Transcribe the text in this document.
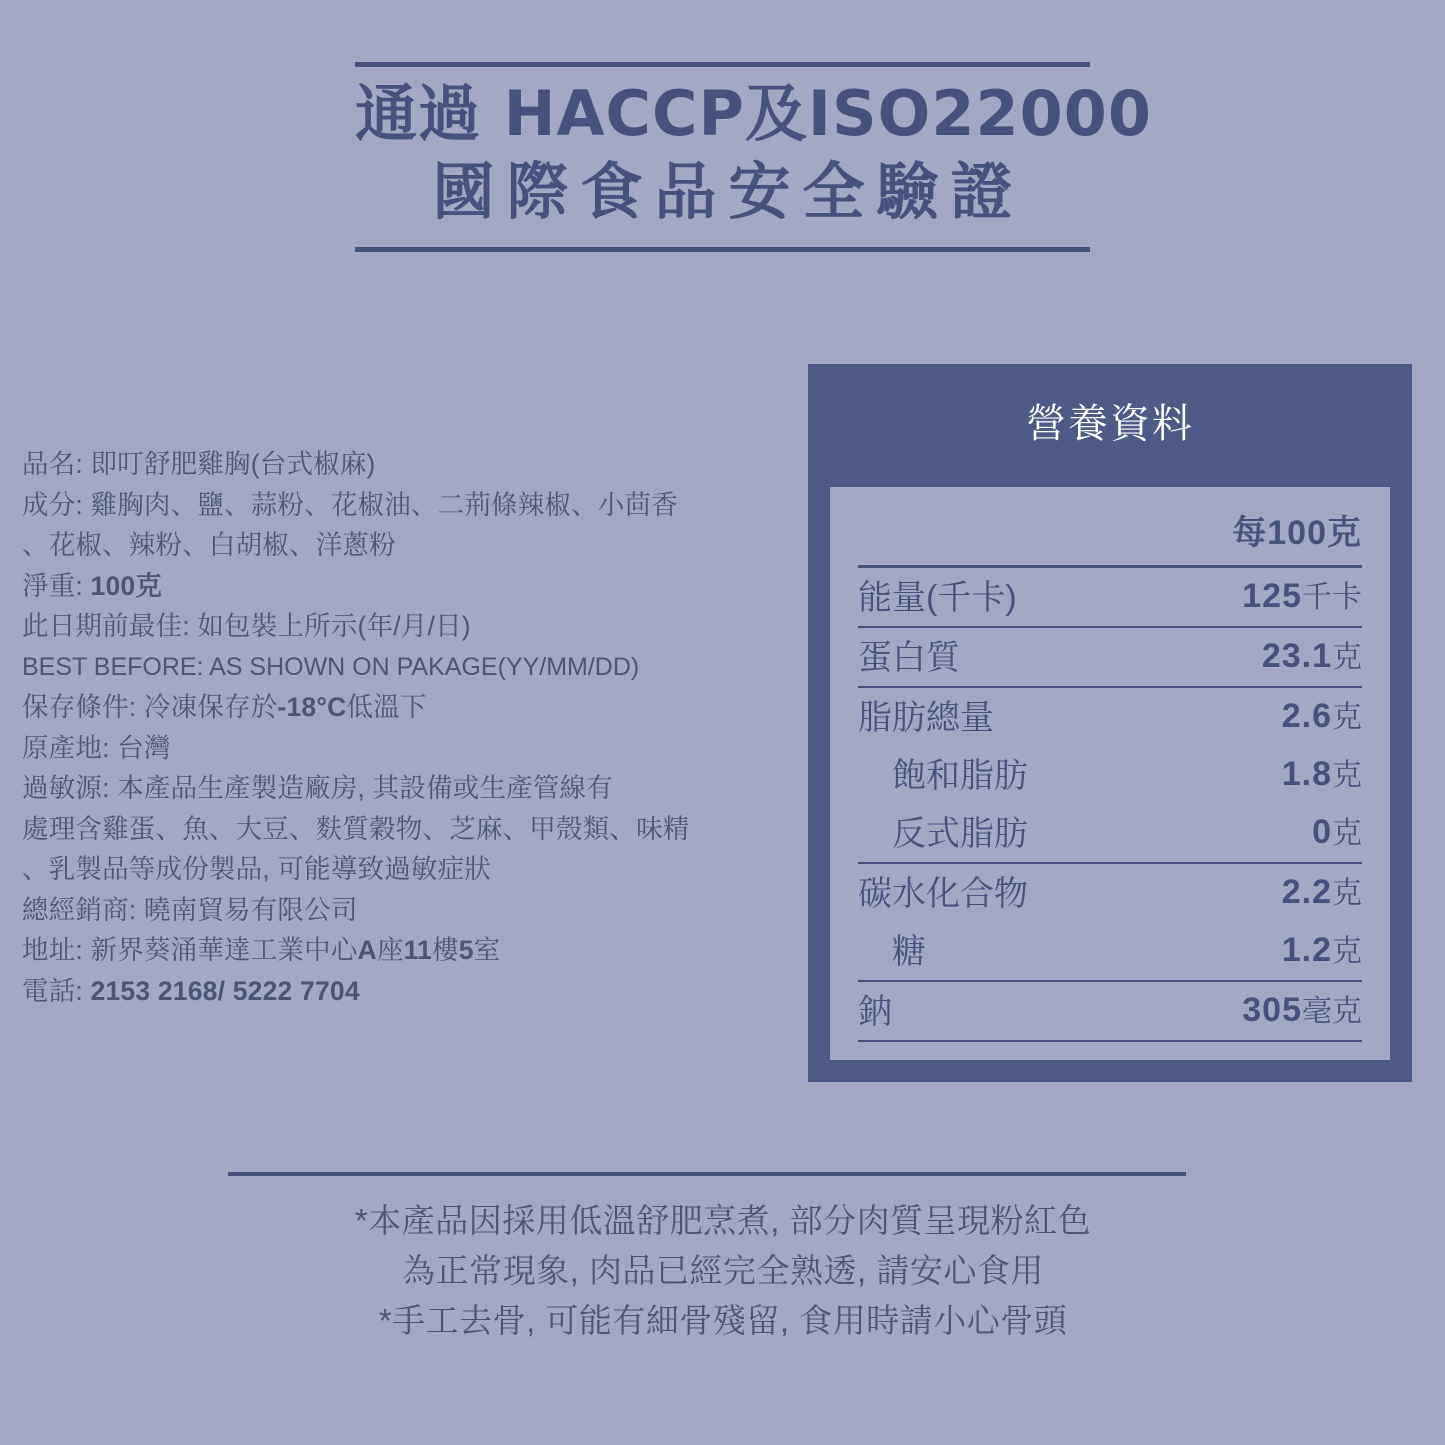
通過 HACCP及ISO22000
國際食品安全驗證
品名: 即叮舒肥雞胸(台式椒麻)
成分: 雞胸肉、鹽、蒜粉、花椒油、二荊條辣椒、小茴香
、花椒、辣粉、白胡椒、洋蔥粉
淨重: 100克
此日期前最佳: 如包裝上所示(年/月/日)
BEST BEFORE: AS SHOWN ON PAKAGE(YY/MM/DD)
保存條件: 冷凍保存於-18°C低溫下
原產地: 台灣
過敏源: 本產品生產製造廠房, 其設備或生產管線有
處理含雞蛋、魚、大豆、麩質穀物、芝麻、甲殼類、味精
、乳製品等成份製品, 可能導致過敏症狀
總經銷商: 曉南貿易有限公司
地址: 新界葵涌華達工業中心A座11樓5室
電話: 2153 2168/ 5222 7704
營養資料
	每100克
能量(千卡)	125千卡
蛋白質	23.1克
脂肪總量	2.6克
飽和脂肪	1.8克
反式脂肪	0克
碳水化合物	2.2克
糖	1.2克
鈉	305毫克
*本產品因採用低溫舒肥烹煮, 部分肉質呈現粉紅色
為正常現象, 肉品已經完全熟透, 請安心食用
*手工去骨, 可能有細骨殘留, 食用時請小心骨頭
